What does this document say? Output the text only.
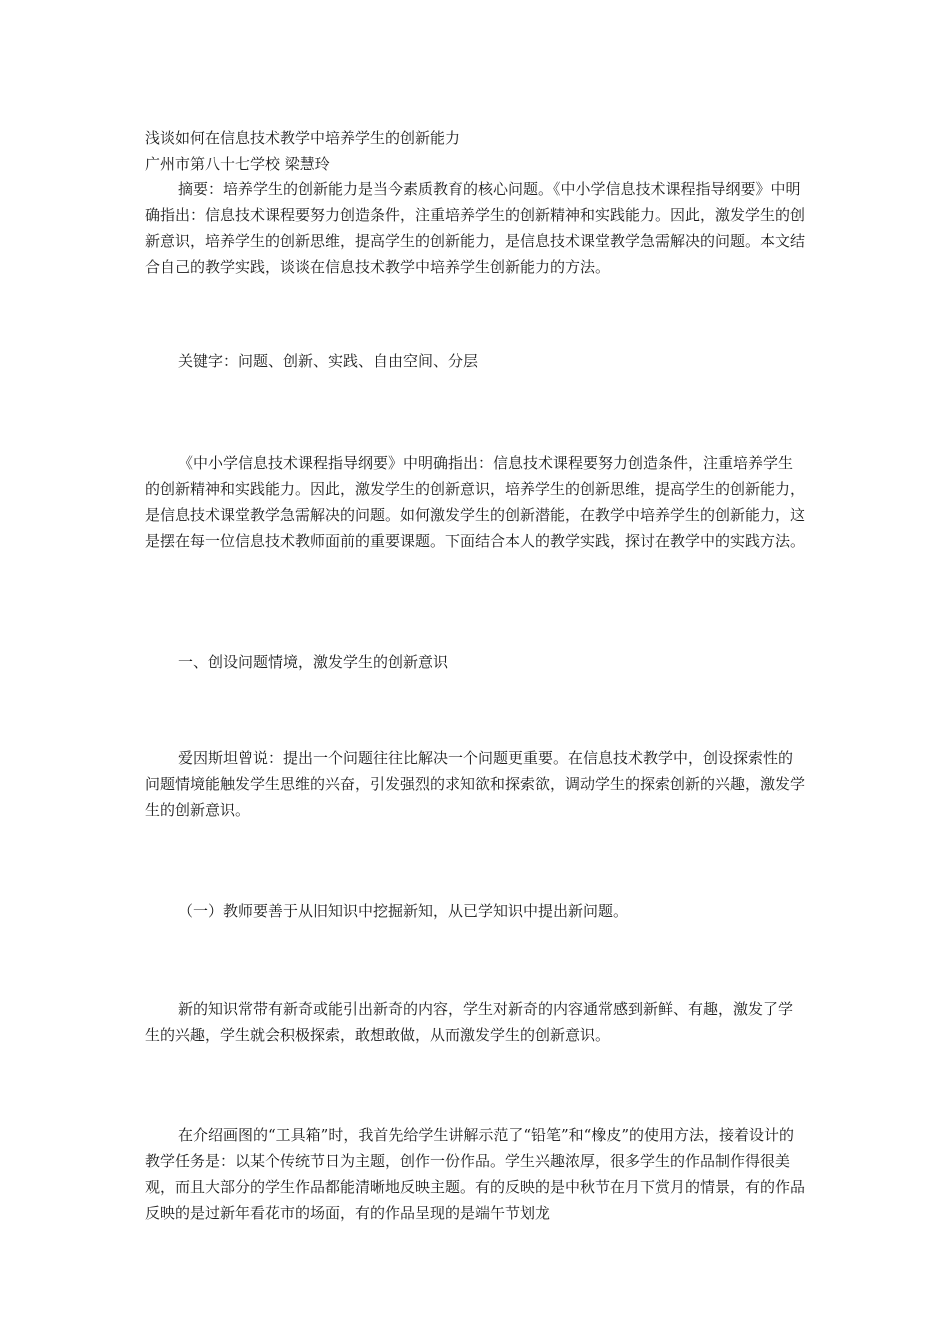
浅谈如何在信息技术教学中培养学生的创新能力

广州市第八十七学校 梁慧玲

摘要：培养学生的创新能力是当今素质教育的核心问题。《中小学信息技术课程指导纲要》中明确指出：信息技术课程要努力创造条件，注重培养学生的创新精神和实践能力。因此，激发学生的创新意识，培养学生的创新思维，提高学生的创新能力，是信息技术课堂教学急需解决的问题。本文结合自己的教学实践，谈谈在信息技术教学中培养学生创新能力的方法。

关键字：问题、创新、实践、自由空间、分层

《中小学信息技术课程指导纲要》中明确指出：信息技术课程要努力创造条件，注重培养学生的创新精神和实践能力。因此，激发学生的创新意识，培养学生的创新思维，提高学生的创新能力，是信息技术课堂教学急需解决的问题。如何激发学生的创新潜能，在教学中培养学生的创新能力，这是摆在每一位信息技术教师面前的重要课题。下面结合本人的教学实践，探讨在教学中的实践方法。

一、创设问题情境，激发学生的创新意识

爱因斯坦曾说：提出一个问题往往比解决一个问题更重要。在信息技术教学中，创设探索性的问题情境能触发学生思维的兴奋，引发强烈的求知欲和探索欲，调动学生的探索创新的兴趣，激发学生的创新意识。

（一）教师要善于从旧知识中挖掘新知，从已学知识中提出新问题。

新的知识常带有新奇或能引出新奇的内容，学生对新奇的内容通常感到新鲜、有趣，激发了学生的兴趣，学生就会积极探索，敢想敢做，从而激发学生的创新意识。

在介绍画图的“工具箱”时，我首先给学生讲解示范了“铅笔”和“橡皮”的使用方法，接着设计的教学任务是：以某个传统节日为主题，创作一份作品。学生兴趣浓厚，很多学生的作品制作得很美观，而且大部分的学生作品都能清晰地反映主题。有的反映的是中秋节在月下赏月的情景，有的作品反映的是过新年看花市的场面，有的作品呈现的是端午节划龙
